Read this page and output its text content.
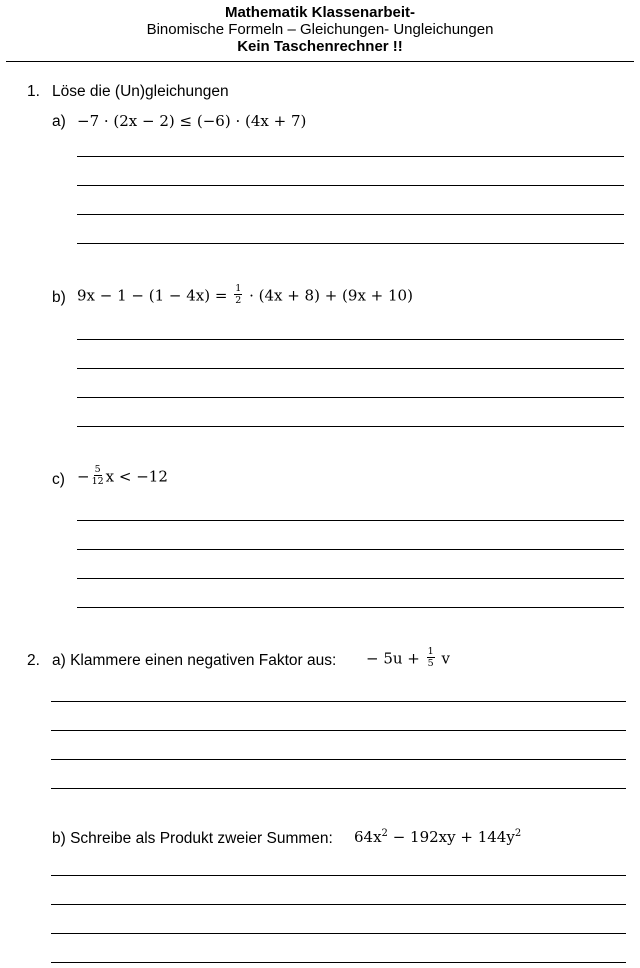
Mathematik Klassenarbeit-
Binomische Formeln – Gleichungen- Ungleichungen
Kein Taschenrechner !!
1. Löse die (Un)gleichungen
a) −7 · (2x − 2) ≤ (−6) · (4x + 7)
b) $9x - 1 - (1 - 4x) = \frac{1}{2} \cdot (4x + 8) + (9x + 10)$
$c) - \frac{5}{12}$ x < −12
2. a) Klammere einen negativen Faktor aus: − $5u + \frac{1}{5}$ v
b) Schreibe als Produkt zweier Summen: $64x^2 - 192xy + 144y^2$
